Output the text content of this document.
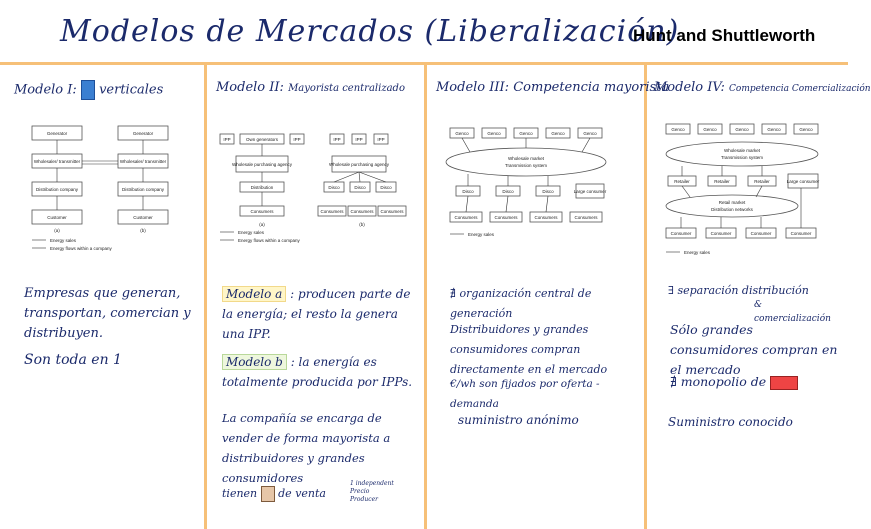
Modelos de Mercados (Liberalización)
Hunt and Shuttleworth
Modelo I: verticales	Modelo II: Mayorista centralizado Modelo III: Competencia mayorista
Modelo IV: Competencia Comercialización
Generator
Wholesaler/ transmitter
Distribution company
Customer
(a)
Generator
Wholesaler/ transmitter
Distribution company
Customer
(b)
Energy sales
Energy flows within a company
IPP	Own generators	IPP
Wholesale purchasing agency
Distribution
Consumers
(a)
IPP	IPP	IPP
Wholesale purchasing agency
Disco	Disco	Disco
Consumers Consumers Consumers
(b)
Energy sales
Energy flows within a company
Genco	Genco	Genco	Genco	Genco
Wholesale market
Transmission system
Disco	Disco	Disco	Large consumer
Consumers	Consumers	Consumers	Consumers
Energy sales
Genco	Genco	Genco	Genco	Genco
Wholesale market
Transmission system
Retailer	Retailer	Retailer	Large consumer
Retail market
Distribution networks
Consumer	Consumer	Consumer	Consumer
Energy sales
Empresas que generan, transportan, comercian y distribuyen.
Son toda en 1
Modelo a : producen parte de la energía; el resto la genera una IPP.
Modelo b : la energía es totalmente producida por IPPs.
La compañía se encarga de vender de forma mayorista a distribuidores y grandes consumidores
tienen de venta
1 independent
Precio
Producer
∄ organización central de generación
Distribuidores y grandes consumidores compran directamente en el mercado
€/wh son fijados por oferta - demanda
suministro anónimo
∃ separación distribución
& comercialización
Sólo grandes consumidores compran en el mercado
∄ monopolio de
Suministro conocido
